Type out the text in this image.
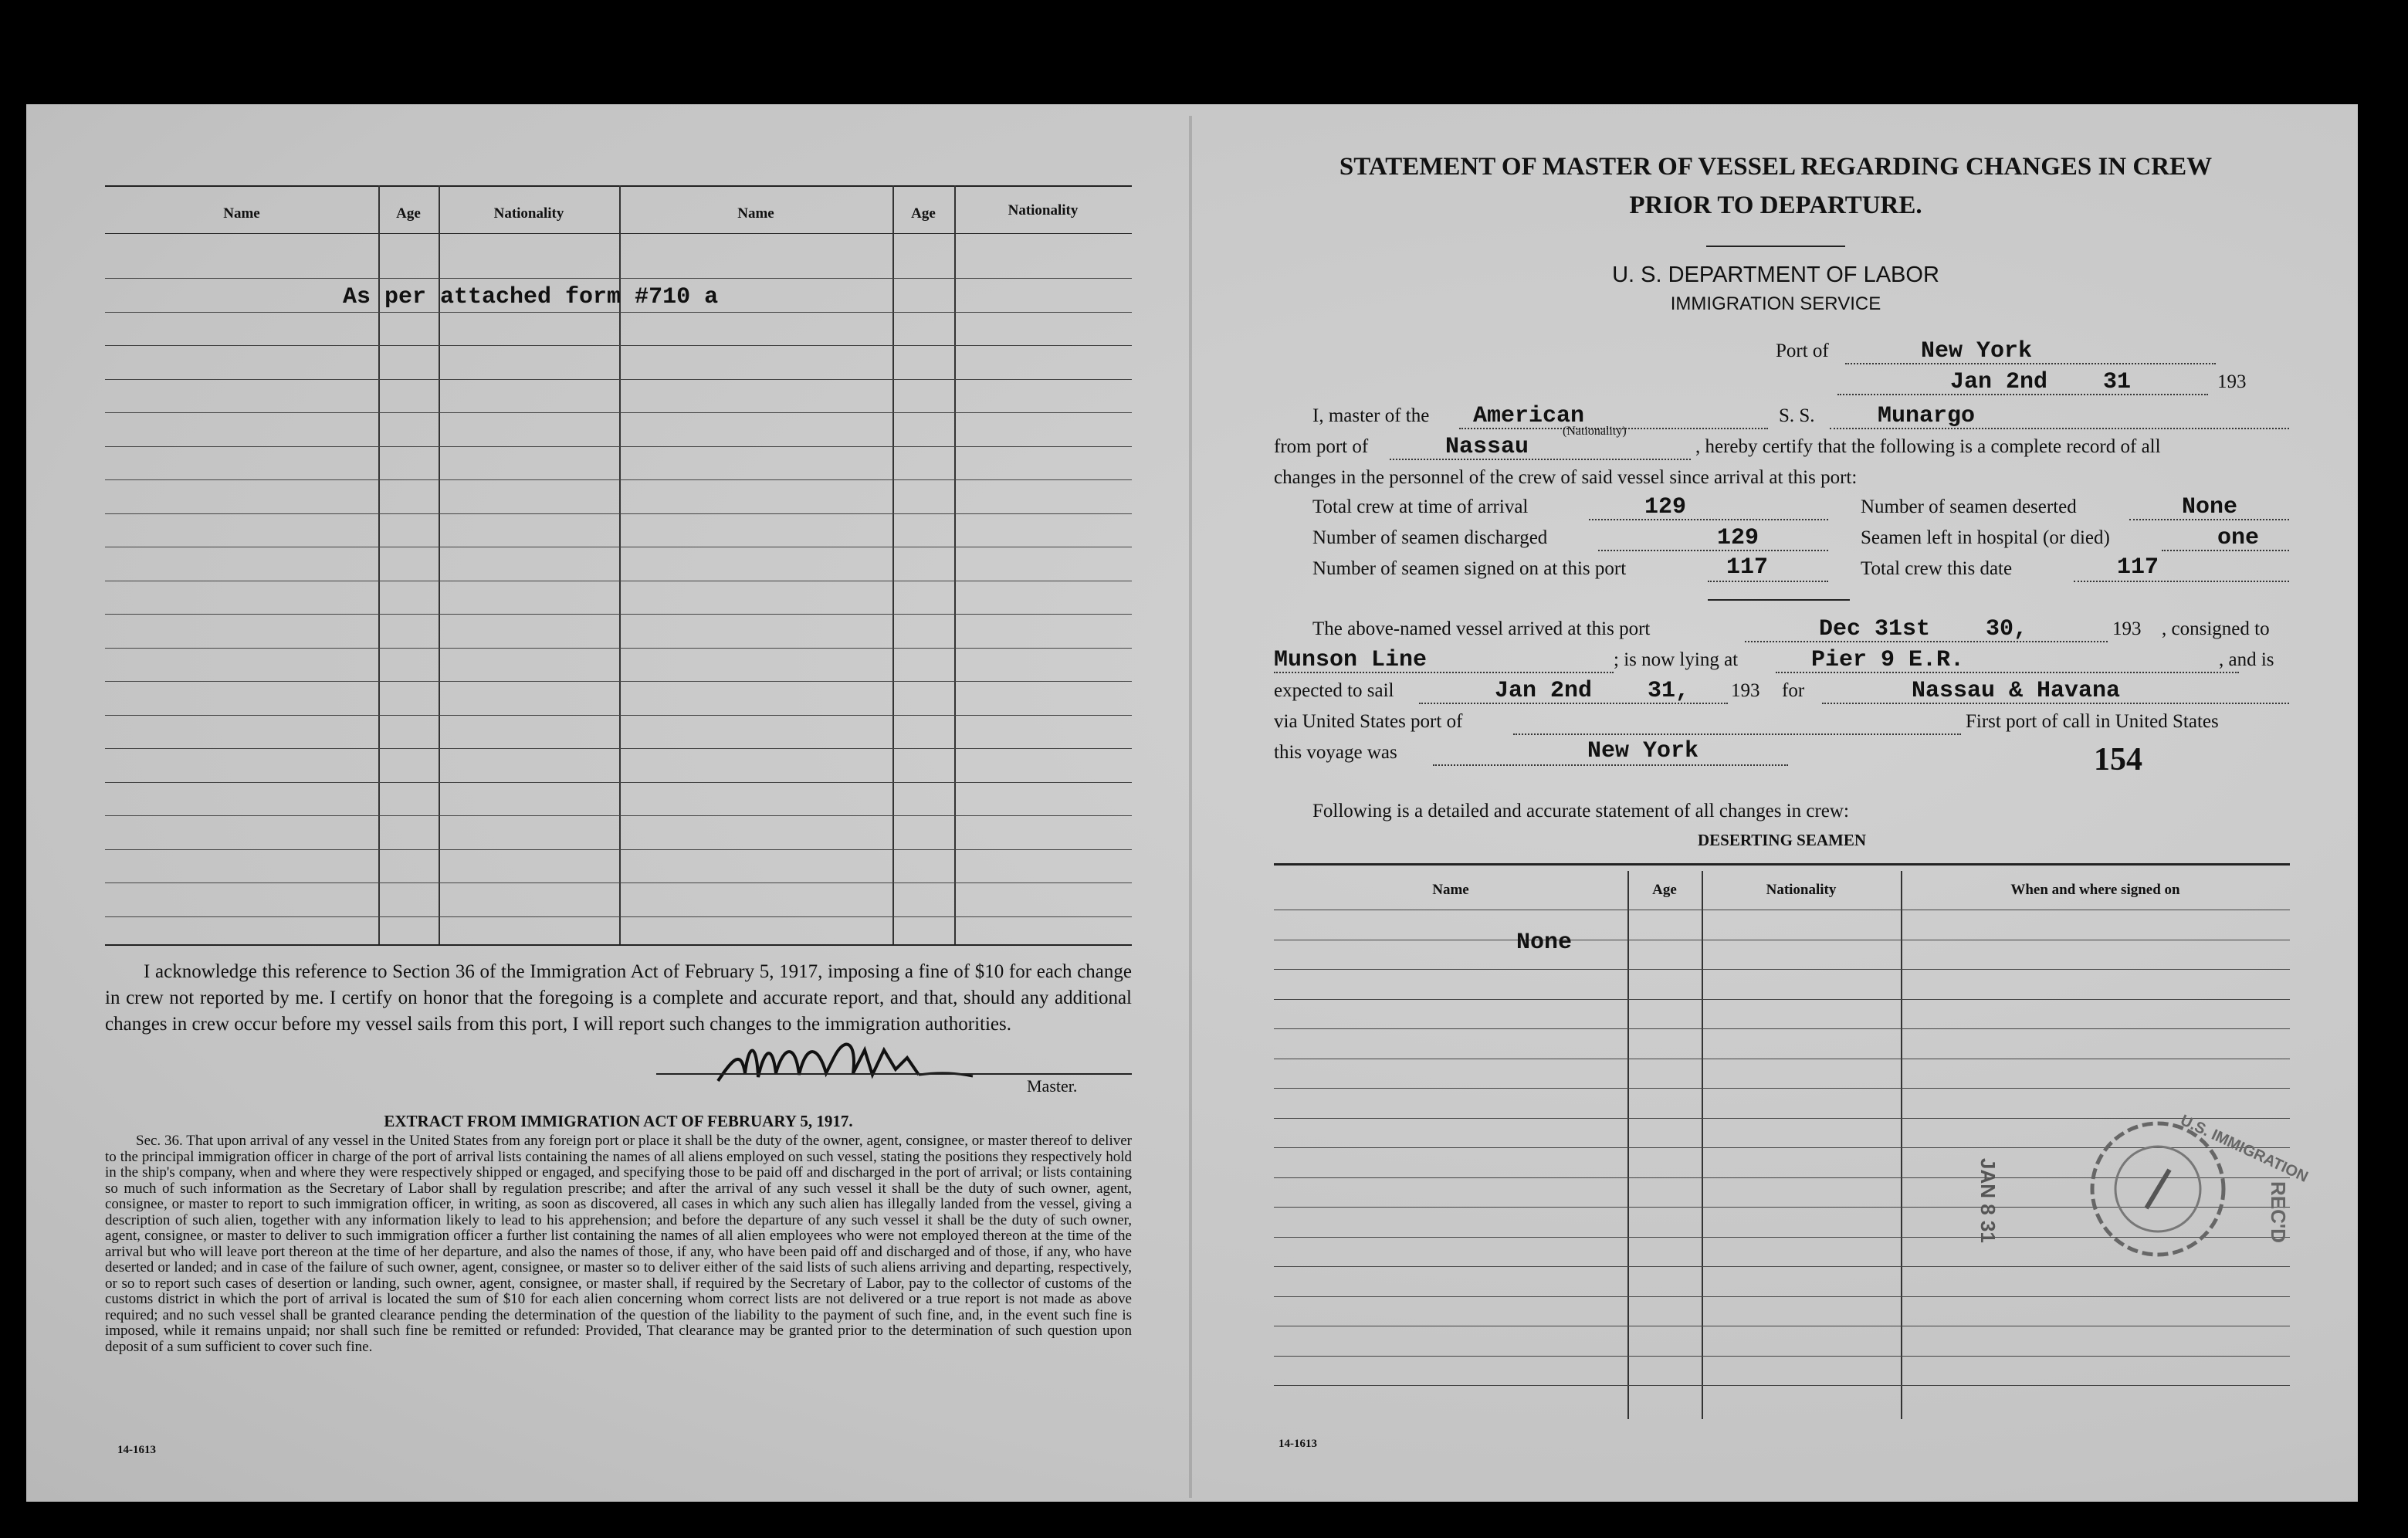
Name	Age	Nationality	Name	Age	Nationality
As per attached form #710 a
I acknowledge this reference to Section 36 of the Immigration Act of February 5, 1917, imposing a fine of $10 for each change in crew not reported by me. I certify on honor that the foregoing is a complete and accurate report, and that, should any additional changes in crew occur before my vessel sails from this port, I will report such changes to the immigration authorities.
Master.
EXTRACT FROM IMMIGRATION ACT OF FEBRUARY 5, 1917.
Sec. 36. That upon arrival of any vessel in the United States from any foreign port or place it shall be the duty of the owner, agent, consignee, or master thereof to deliver to the principal immigration officer in charge of the port of arrival lists containing the names of all aliens employed on such vessel, stating the positions they respectively hold in the ship's company, when and where they were respectively shipped or engaged, and specifying those to be paid off and discharged in the port of arrival; or lists containing so much of such information as the Secretary of Labor shall by regulation prescribe; and after the arrival of any such vessel it shall be the duty of such owner, agent, consignee, or master to report to such immigration officer, in writing, as soon as discovered, all cases in which any such alien has illegally landed from the vessel, giving a description of such alien, together with any information likely to lead to his apprehension; and before the departure of any such vessel it shall be the duty of such owner, agent, consignee, or master to deliver to such immigration officer a further list containing the names of all alien employees who were not employed thereon at the time of the arrival but who will leave port thereon at the time of her departure, and also the names of those, if any, who have been paid off and discharged and of those, if any, who have deserted or landed; and in case of the failure of such owner, agent, consignee, or master so to deliver either of the said lists of such aliens arriving and departing, respectively, or so to report such cases of desertion or landing, such owner, agent, consignee, or master shall, if required by the Secretary of Labor, pay to the collector of customs of the customs district in which the port of arrival is located the sum of $10 for each alien concerning whom correct lists are not delivered or a true report is not made as above required; and no such vessel shall be granted clearance pending the determination of the question of the liability to the payment of such fine, and, in the event such fine is imposed, while it remains unpaid; nor shall such fine be remitted or refunded: Provided, That clearance may be granted prior to the determination of such question upon deposit of a sum sufficient to cover such fine.
14-1613
STATEMENT OF MASTER OF VESSEL REGARDING CHANGES IN CREW
PRIOR TO DEPARTURE.
U. S. DEPARTMENT OF LABOR
IMMIGRATION SERVICE
Port of	New York
Jan 2nd    31	193
I, master of the American
(Nationality)
S. S.	Munargo
from port of	Nassau	, hereby certify that the following is a complete record of all
changes in the personnel of the crew of said vessel since arrival at this port:
Total crew at time of arrival	129	Number of seamen deserted	None
Number of seamen discharged	129	Seamen left in hospital (or died)	one
Number of seamen signed on at this port	117	Total crew this date	117
The above-named vessel arrived at this port	Dec 31st    30,	193 , consigned to
Munson Line	; is now lying at	Pier 9 E.R.	, and is
expected to sail	Jan 2nd    31, 193 for	Nassau & Havana
via United States port of	First port of call in United States
this voyage was	New York	154
Following is a detailed and accurate statement of all changes in crew:
DESERTING SEAMEN
Name	Age	Nationality	When and where signed on
None
JAN 8 31
U.S. IMMIGRATION
REC'D
14-1613
